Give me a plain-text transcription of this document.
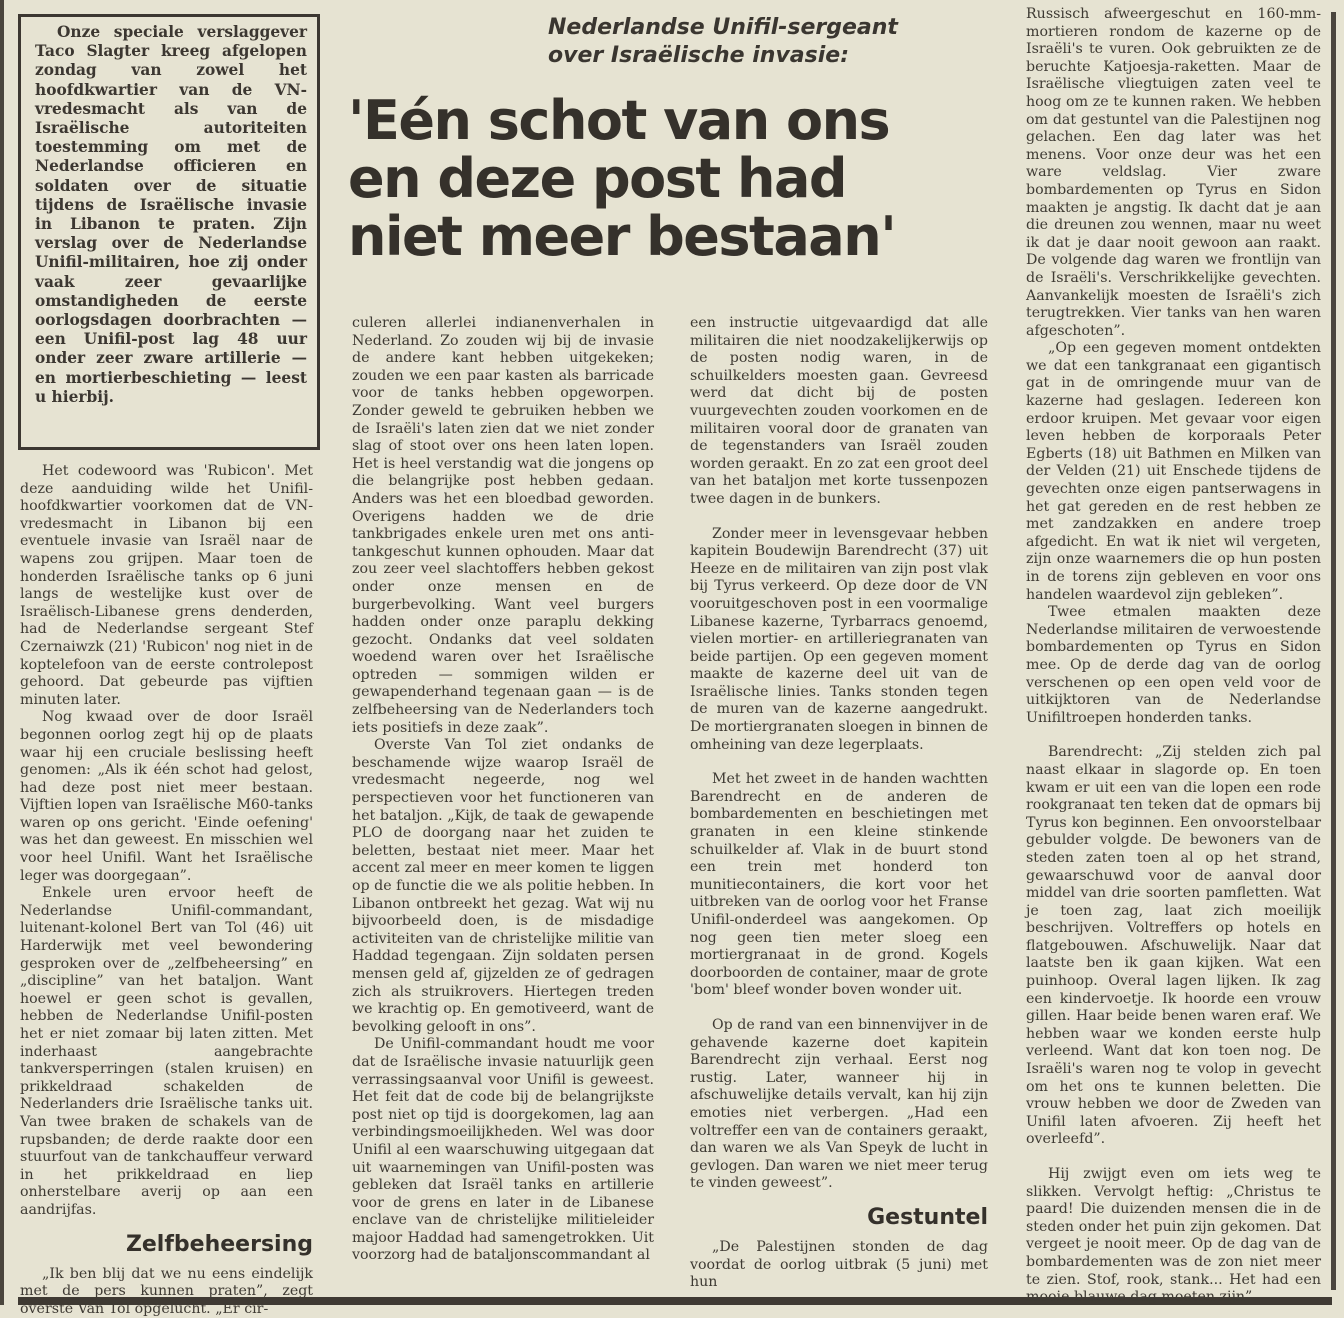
Onze speciale verslaggever Taco Slagter kreeg afgelopen zondag van zowel het hoofdkwartier van de VN-vredesmacht als van de Israëlische autoriteiten toestemming om met de Nederlandse officieren en soldaten over de situatie tijdens de Israëlische invasie in Libanon te praten. Zijn verslag over de Nederlandse Unifil-militairen, hoe zij onder vaak zeer gevaarlijke omstandigheden de eerste oorlogsdagen doorbrachten — een Unifil-post lag 48 uur onder zeer zware artillerie — en mortierbeschieting — leest u hierbij.

Nederlandse Unifil-sergeant
over Israëlische invasie:
'Eén schot van ons
en deze post had
niet meer bestaan'

Het codewoord was 'Rubicon'. Met deze aanduiding wilde het Unifil-hoofdkwartier voorkomen dat de VN-vredesmacht in Libanon bij een eventuele invasie van Israël naar de wapens zou grijpen. Maar toen de honderden Israëlische tanks op 6 juni langs de westelijke kust over de Israëlisch-Libanese grens denderden, had de Nederlandse sergeant Stef Czernaiwzk (21) 'Rubicon' nog niet in de koptelefoon van de eerste controlepost gehoord. Dat gebeurde pas vijftien minuten later.

Nog kwaad over de door Israël begonnen oorlog zegt hij op de plaats waar hij een cruciale beslissing heeft genomen: „Als ik één schot had gelost, had deze post niet meer bestaan. Vijftien lopen van Israëlische M60-tanks waren op ons gericht. 'Einde oefening' was het dan geweest. En misschien wel voor heel Unifil. Want het Israëlische leger was doorgegaan”.

Enkele uren ervoor heeft de Nederlandse Unifil-commandant, luitenant-kolonel Bert van Tol (46) uit Harderwijk met veel bewondering gesproken over de „zelfbeheersing” en „discipline” van het bataljon. Want hoewel er geen schot is gevallen, hebben de Nederlandse Unifil-posten het er niet zomaar bij laten zitten. Met inderhaast aangebrachte tankversperringen (stalen kruisen) en prikkeldraad schakelden de Nederlanders drie Israëlische tanks uit. Van twee braken de schakels van de rupsbanden; de derde raakte door een stuurfout van de tankchauffeur verward in het prikkeldraad en liep onherstelbare averij op aan een aandrijfas.

Zelfbeheersing

„Ik ben blij dat we nu eens eindelijk met de pers kunnen praten”, zegt overste Van Tol opgelucht. „Er cir-

culeren allerlei indianenverhalen in Nederland. Zo zouden wij bij de invasie de andere kant hebben uitgekeken; zouden we een paar kasten als barricade voor de tanks hebben opgeworpen. Zonder geweld te gebruiken hebben we de Israëli's laten zien dat we niet zonder slag of stoot over ons heen laten lopen. Het is heel verstandig wat die jongens op die belangrijke post hebben gedaan. Anders was het een bloedbad geworden. Overigens hadden we de drie tankbrigades enkele uren met ons anti-tankgeschut kunnen ophouden. Maar dat zou zeer veel slachtoffers hebben gekost onder onze mensen en de burgerbevolking. Want veel burgers hadden onder onze paraplu dekking gezocht. Ondanks dat veel soldaten woedend waren over het Israëlische optreden — sommigen wilden er gewapenderhand tegenaan gaan — is de zelfbeheersing van de Nederlanders toch iets positiefs in deze zaak”.

Overste Van Tol ziet ondanks de beschamende wijze waarop Israël de vredesmacht negeerde, nog wel perspectieven voor het functioneren van het bataljon. „Kijk, de taak de gewapende PLO de doorgang naar het zuiden te beletten, bestaat niet meer. Maar het accent zal meer en meer komen te liggen op de functie die we als politie hebben. In Libanon ontbreekt het gezag. Wat wij nu bijvoorbeeld doen, is de misdadige activiteiten van de christelijke militie van Haddad tegengaan. Zijn soldaten persen mensen geld af, gijzelden ze of gedragen zich als struikrovers. Hiertegen treden we krachtig op. En gemotiveerd, want de bevolking gelooft in ons”.

De Unifil-commandant houdt me voor dat de Israëlische invasie natuurlijk geen verrassingsaanval voor Unifil is geweest. Het feit dat de code bij de belangrijkste post niet op tijd is doorgekomen, lag aan verbindingsmoeilijkheden. Wel was door Unifil al een waarschuwing uitgegaan dat uit waarnemingen van Unifil-posten was gebleken dat Israël tanks en artillerie voor de grens en later in de Libanese enclave van de christelijke militieleider majoor Haddad had samengetrokken. Uit voorzorg had de bataljonscommandant al

een instructie uitgevaardigd dat alle militairen die niet noodzakelijkerwijs op de posten nodig waren, in de schuilkelders moesten gaan. Gevreesd werd dat dicht bij de posten vuurgevechten zouden voorkomen en de militairen vooral door de granaten van de tegenstanders van Israël zouden worden geraakt. En zo zat een groot deel van het bataljon met korte tussenpozen twee dagen in de bunkers.

Zonder meer in levensgevaar hebben kapitein Boudewijn Barendrecht (37) uit Heeze en de militairen van zijn post vlak bij Tyrus verkeerd. Op deze door de VN vooruitgeschoven post in een voormalige Libanese kazerne, Tyrbarracs genoemd, vielen mortier- en artilleriegranaten van beide partijen. Op een gegeven moment maakte de kazerne deel uit van de Israëlische linies. Tanks stonden tegen de muren van de kazerne aangedrukt. De mortiergranaten sloegen in binnen de omheining van deze legerplaats.

Met het zweet in de handen wachtten Barendrecht en de anderen de bombardementen en beschietingen met granaten in een kleine stinkende schuilkelder af. Vlak in de buurt stond een trein met honderd ton munitiecontainers, die kort voor het uitbreken van de oorlog voor het Franse Unifil-onderdeel was aangekomen. Op nog geen tien meter sloeg een mortiergranaat in de grond. Kogels doorboorden de container, maar de grote 'bom' bleef wonder boven wonder uit.

Op de rand van een binnenvijver in de gehavende kazerne doet kapitein Barendrecht zijn verhaal. Eerst nog rustig. Later, wanneer hij in afschuwelijke details vervalt, kan hij zijn emoties niet verbergen. „Had een voltreffer een van de containers geraakt, dan waren we als Van Speyk de lucht in gevlogen. Dan waren we niet meer terug te vinden geweest”.

Gestuntel

„De Palestijnen stonden de dag voordat de oorlog uitbrak (5 juni) met hun

Russisch afweergeschut en 160-mm-mortieren rondom de kazerne op de Israëli's te vuren. Ook gebruikten ze de beruchte Katjoesja-raketten. Maar de Israëlische vliegtuigen zaten veel te hoog om ze te kunnen raken. We hebben om dat gestuntel van die Palestijnen nog gelachen. Een dag later was het menens. Voor onze deur was het een ware veldslag. Vier zware bombardementen op Tyrus en Sidon maakten je angstig. Ik dacht dat je aan die dreunen zou wennen, maar nu weet ik dat je daar nooit gewoon aan raakt. De volgende dag waren we frontlijn van de Israëli's. Verschrikkelijke gevechten. Aanvankelijk moesten de Israëli's zich terugtrekken. Vier tanks van hen waren afgeschoten”.

„Op een gegeven moment ontdekten we dat een tankgranaat een gigantisch gat in de omringende muur van de kazerne had geslagen. Iedereen kon erdoor kruipen. Met gevaar voor eigen leven hebben de korporaals Peter Egberts (18) uit Bathmen en Milken van der Velden (21) uit Enschede tijdens de gevechten onze eigen pantserwagens in het gat gereden en de rest hebben ze met zandzakken en andere troep afgedicht. En wat ik niet wil vergeten, zijn onze waarnemers die op hun posten in de torens zijn gebleven en voor ons handelen waardevol zijn gebleken”.

Twee etmalen maakten deze Nederlandse militairen de verwoestende bombardementen op Tyrus en Sidon mee. Op de derde dag van de oorlog verschenen op een open veld voor de uitkijktoren van de Nederlandse Unifiltroepen honderden tanks.

Barendrecht: „Zij stelden zich pal naast elkaar in slagorde op. En toen kwam er uit een van die lopen een rode rookgranaat ten teken dat de opmars bij Tyrus kon beginnen. Een onvoorstelbaar gebulder volgde. De bewoners van de steden zaten toen al op het strand, gewaarschuwd voor de aanval door middel van drie soorten pamfletten. Wat je toen zag, laat zich moeilijk beschrijven. Voltreffers op hotels en flatgebouwen. Afschuwelijk. Naar dat laatste ben ik gaan kijken. Wat een puinhoop. Overal lagen lijken. Ik zag een kindervoetje. Ik hoorde een vrouw gillen. Haar beide benen waren eraf. We hebben waar we konden eerste hulp verleend. Want dat kon toen nog. De Israëli's waren nog te volop in gevecht om het ons te kunnen beletten. Die vrouw hebben we door de Zweden van Unifil laten afvoeren. Zij heeft het overleefd”.

Hij zwijgt even om iets weg te slikken. Vervolgt heftig: „Christus te paard! Die duizenden mensen die in de steden onder het puin zijn gekomen. Dat vergeet je nooit meer. Op de dag van de bombardementen was de zon niet meer te zien. Stof, rook, stank... Het had een mooie blauwe dag moeten zijn”.
